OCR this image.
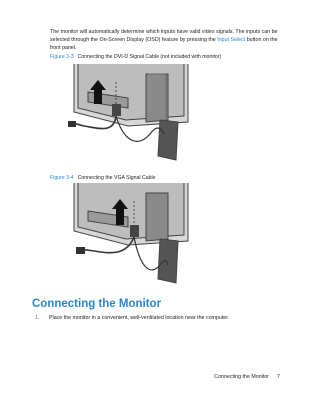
The monitor will automatically determine which inputs have valid video signals. The inputs can be selected through the On-Screen Display (OSD) feature by pressing the Input Select button on the front panel.
Figure 3-3 Connecting the DVI-D Signal Cable (not included with monitor)
Figure 3-4 Connecting the VGA Signal Cable
Connecting the Monitor
1. Place the monitor in a convenient, well-ventilated location near the computer.
Connecting the Monitor 7
